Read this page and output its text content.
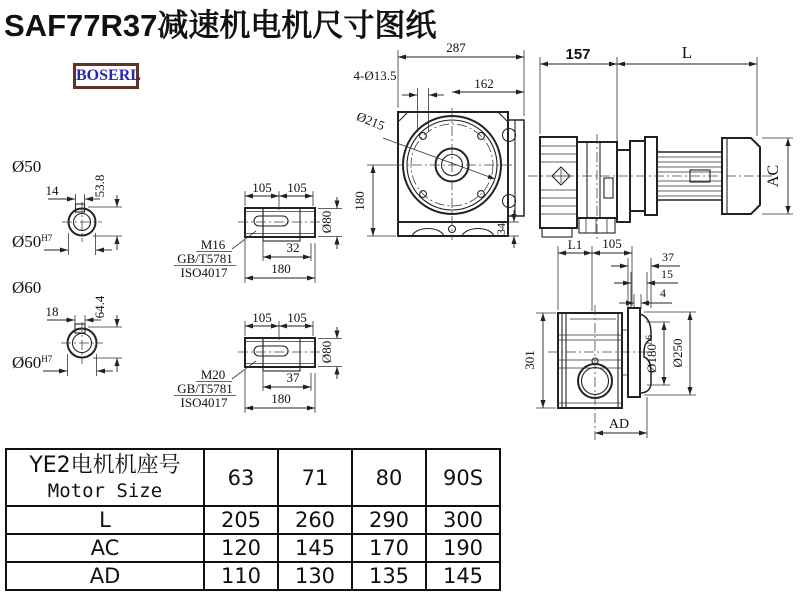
SAF77R37减速机电机尺寸图纸
BOSERL
Ø50
14	53.8
$Ø50^{H7}$
Ø60
18	64.4
$Ø60^{H7}$
105 105
M16
GB/T5781
ISO4017
32
180
Ø80
105 105
M20
GB/T5781
ISO4017
37
180
Ø80
287
162
4-Ø13.5
Ø215
180
34
157	L
AC
L1 105
37
15
4
301	$Ø180^{h6}$	Ø250
AD
YE2电机机座号
Motor Size	63	71	80	90S
L	205	260	290	300
AC	120	145	170	190
AD	110	130	135	145
